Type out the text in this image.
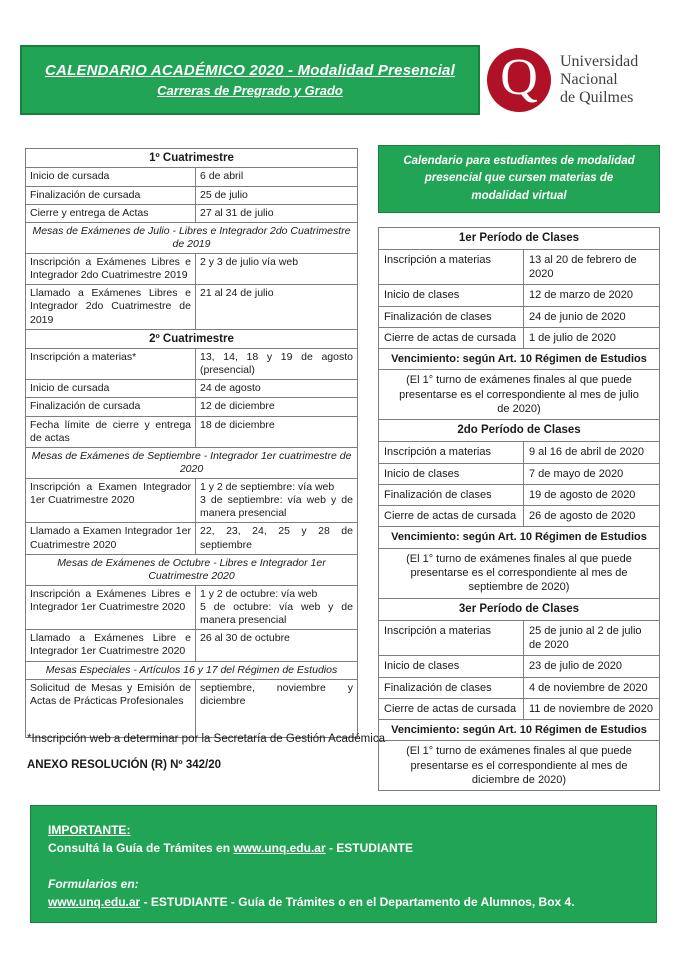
CALENDARIO ACADÉMICO 2020 - Modalidad Presencial
Carreras de Pregrado y Grado	Q Universidad
Nacional
de Quilmes
1º Cuatrimestre	
Inicio de cursada	6 de abril
Finalización de cursada	25 de julio
Cierre y entrega de Actas	27 al 31 de julio
Mesas de Exámenes de Julio - Libres e Integrador 2do Cuatrimestre de 2019	
Inscripción a Exámenes Libres e Integrador 2do Cuatrimestre 2019	2 y 3 de julio vía web
Llamado a Exámenes Libres e Integrador 2do Cuatrimestre de 2019	21 al 24 de julio
2º Cuatrimestre	
Inscripción a materias*	13, 14, 18 y 19 de agosto (presencial)
Inicio de cursada	24 de agosto
Finalización de cursada	12 de diciembre
Fecha límite de cierre y entrega de actas	18 de diciembre
Mesas de Exámenes de Septiembre - Integrador 1er cuatrimestre de 2020	
Inscripción a Examen Integrador 1er Cuatrimestre 2020	1 y 2 de septiembre: vía web
3 de septiembre: vía web y de manera presencial
Llamado a Examen Integrador 1er Cuatrimestre 2020	22, 23, 24, 25 y 28 de septiembre
Mesas de Exámenes de Octubre - Libres e Integrador 1er Cuatrimestre 2020	
Inscripción a Exámenes Libres e Integrador 1er Cuatrimestre 2020	1 y 2 de octubre: vía web
5 de octubre: vía web y de manera presencial
Llamado a Exámenes Libre e Integrador 1er Cuatrimestre 2020	26 al 30 de octubre
Mesas Especiales - Artículos 16 y 17 del Régimen de Estudios	
Solicitud de Mesas y Emisión de Actas de Prácticas Profesionales	septiembre, noviembre y diciembre
Calendario para estudiantes de modalidad presencial que cursen materias de modalidad virtual
1er Período de Clases	
Inscripción a materias	13 al 20 de febrero de 2020
Inicio de clases	12 de marzo de 2020
Finalización de clases	24 de junio de 2020
Cierre de actas de cursada	1 de julio de 2020
Vencimiento: según Art. 10 Régimen de Estudios	
(El 1° turno de exámenes finales al que puede presentarse es el correspondiente al mes de julio de 2020)	
2do Período de Clases	
Inscripción a materias	9 al 16 de abril de 2020
Inicio de clases	7 de mayo de 2020
Finalización de clases	19 de agosto de 2020
Cierre de actas de cursada	26 de agosto de 2020
Vencimiento: según Art. 10 Régimen de Estudios	
(El 1° turno de exámenes finales al que puede presentarse es el correspondiente al mes de septiembre de 2020)	
3er Período de Clases	
Inscripción a materias	25 de junio al 2 de julio de 2020
Inicio de clases	23 de julio de 2020
Finalización de clases	4 de noviembre de 2020
Cierre de actas de cursada	11 de noviembre de 2020
Vencimiento: según Art. 10 Régimen de Estudios	
(El 1° turno de exámenes finales al que puede presentarse es el correspondiente al mes de diciembre de 2020)	
*Inscripción web a determinar por la Secretaría de Gestión Académica
ANEXO RESOLUCIÓN (R) Nº 342/20
IMPORTANTE:
Consultá la Guía de Trámites en www.unq.edu.ar - ESTUDIANTE
Formularios en:
www.unq.edu.ar - ESTUDIANTE - Guía de Trámites o en el Departamento de Alumnos, Box 4.
